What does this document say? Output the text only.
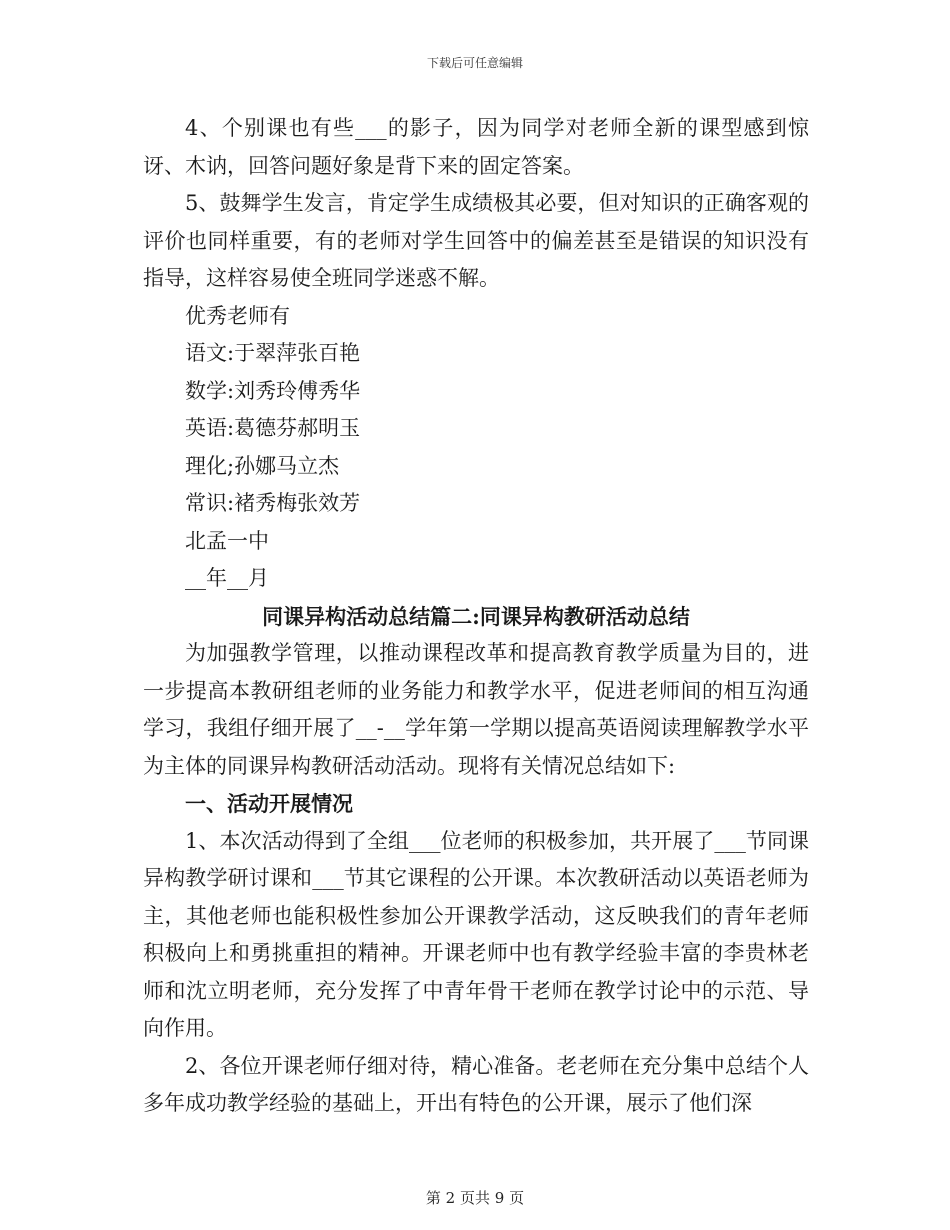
下载后可任意编辑

4、个别课也有些___的影子，因为同学对老师全新的课型感到惊讶、木讷，回答问题好象是背下来的固定答案。

5、鼓舞学生发言，肯定学生成绩极其必要，但对知识的正确客观的评价也同样重要，有的老师对学生回答中的偏差甚至是错误的知识没有指导，这样容易使全班同学迷惑不解。

优秀老师有

语文:于翠萍张百艳

数学:刘秀玲傅秀华

英语:葛德芬郝明玉

理化;孙娜马立杰

常识:褚秀梅张效芳

北孟一中

__年__月

同课异构活动总结篇二:同课异构教研活动总结

为加强教学管理，以推动课程改革和提高教育教学质量为目的，进一步提高本教研组老师的业务能力和教学水平，促进老师间的相互沟通学习，我组仔细开展了__-__学年第一学期以提高英语阅读理解教学水平为主体的同课异构教研活动活动。现将有关情况总结如下:

一、活动开展情况

1、本次活动得到了全组___位老师的积极参加，共开展了___节同课异构教学研讨课和___节其它课程的公开课。本次教研活动以英语老师为主，其他老师也能积极性参加公开课教学活动，这反映我们的青年老师积极向上和勇挑重担的精神。开课老师中也有教学经验丰富的李贵林老师和沈立明老师，充分发挥了中青年骨干老师在教学讨论中的示范、导向作用。

2、各位开课老师仔细对待，精心准备。老老师在充分集中总结个人多年成功教学经验的基础上，开出有特色的公开课，展示了他们深

第 2 页共 9 页
